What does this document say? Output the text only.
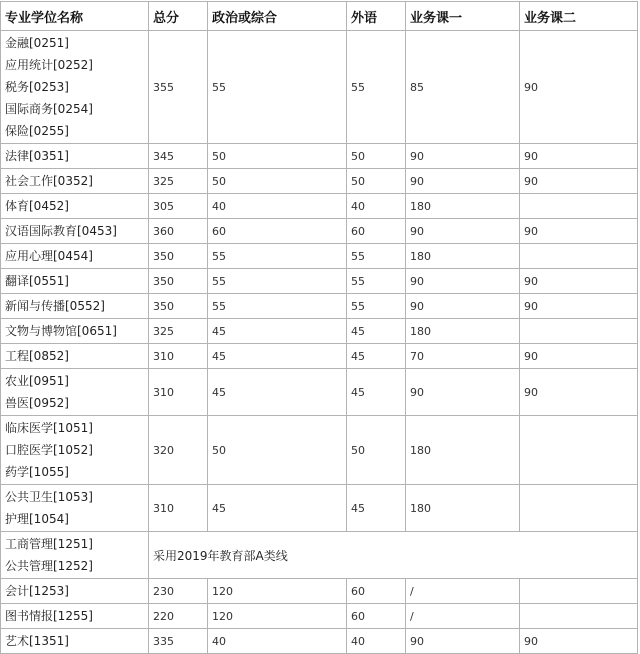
专业学位名称	总分	政治或综合	外语	业务课一	业务课二

金融[0251]
应用统计[0252]
税务[0253]
国际商务[0254]
保险[0255]	355	55	55	85	90

法律[0351]	345	50	50	90	90

社会工作[0352]	325	50	50	90	90

体育[0452]	305	40	40	180	

汉语国际教育[0453]	360	60	60	90	90

应用心理[0454]	350	55	55	180	

翻译[0551]	350	55	55	90	90

新闻与传播[0552]	350	55	55	90	90

文物与博物馆[0651]	325	45	45	180	

工程[0852]	310	45	45	70	90

农业[0951]
兽医[0952]	310	45	45	90	90

临床医学[1051]
口腔医学[1052]
药学[1055]	320	50	50	180	

公共卫生[1053]
护理[1054]	310	45	45	180	

工商管理[1251]
公共管理[1252]	采用2019年教育部A类线				

会计[1253]	230	120	60	/	

图书情报[1255]	220	120	60	/	

艺术[1351]	335	40	40	90	90
